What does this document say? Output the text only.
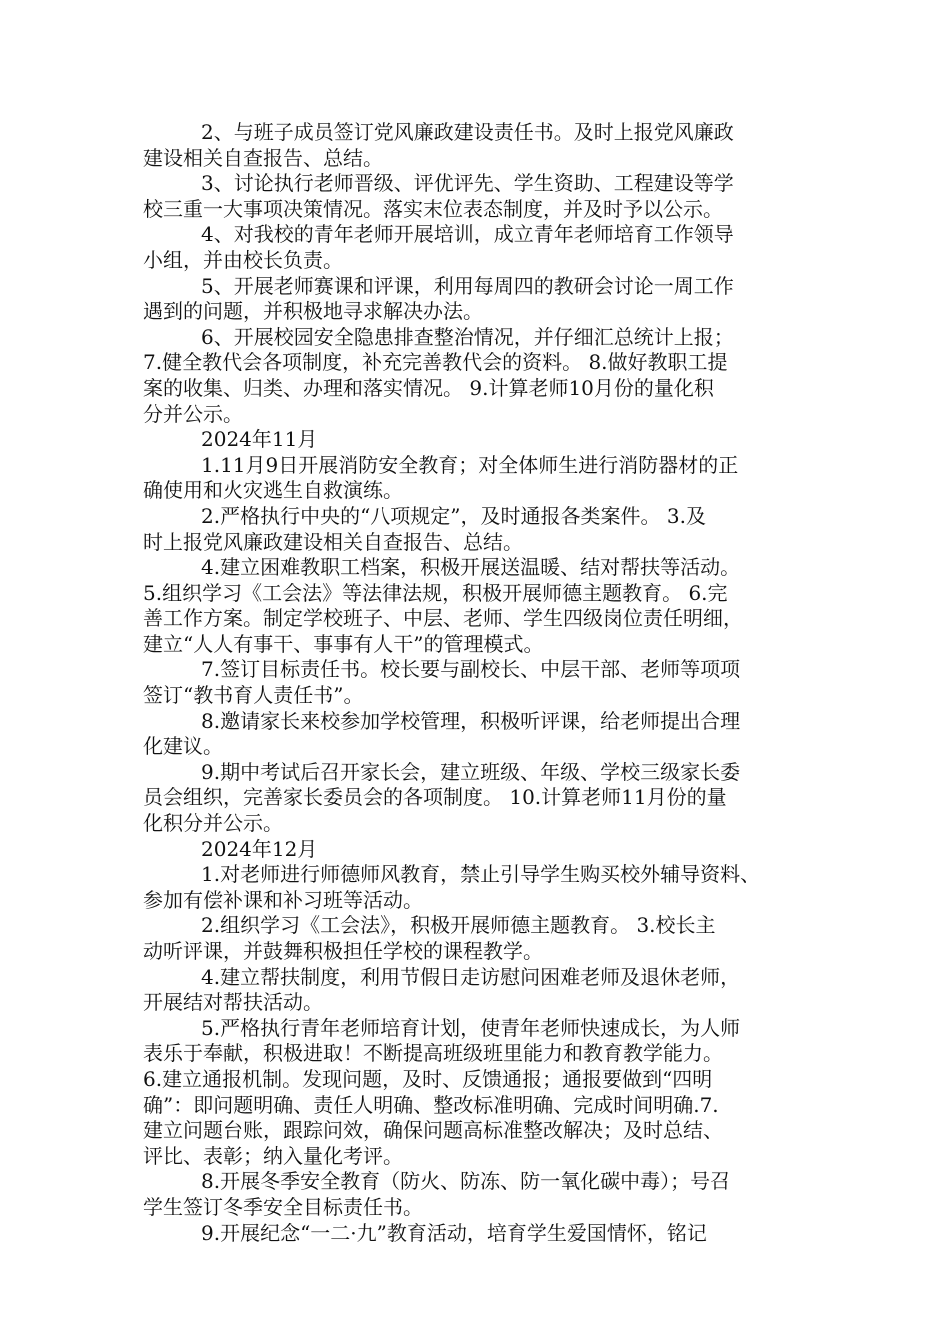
2、与班子成员签订党风廉政建设责任书。及时上报党风廉政
建设相关自查报告、总结。
3、讨论执行老师晋级、评优评先、学生资助、工程建设等学
校三重一大事项决策情况。落实末位表态制度，并及时予以公示。
4、对我校的青年老师开展培训，成立青年老师培育工作领导
小组，并由校长负责。
5、开展老师赛课和评课，利用每周四的教研会讨论一周工作
遇到的问题，并积极地寻求解决办法。
6、开展校园安全隐患排查整治情况，并仔细汇总统计上报；
7.健全教代会各项制度，补充完善教代会的资料。 8.做好教职工提
案的收集、归类、办理和落实情况。 9.计算老师10月份的量化积
分并公示。
2024年11月
1.11月9日开展消防安全教育；对全体师生进行消防器材的正
确使用和火灾逃生自救演练。
2.严格执行中央的“八项规定”，及时通报各类案件。 3.及
时上报党风廉政建设相关自查报告、总结。
4.建立困难教职工档案，积极开展送温暖、结对帮扶等活动。
5.组织学习《工会法》等法律法规，积极开展师德主题教育。 6.完
善工作方案。制定学校班子、中层、老师、学生四级岗位责任明细，
建立“人人有事干、事事有人干”的管理模式。
7.签订目标责任书。校长要与副校长、中层干部、老师等项项
签订“教书育人责任书”。
8.邀请家长来校参加学校管理，积极听评课，给老师提出合理
化建议。
9.期中考试后召开家长会，建立班级、年级、学校三级家长委
员会组织，完善家长委员会的各项制度。 10.计算老师11月份的量
化积分并公示。
2024年12月
1.对老师进行师德师风教育，禁止引导学生购买校外辅导资料、
参加有偿补课和补习班等活动。
2.组织学习《工会法》，积极开展师德主题教育。 3.校长主
动听评课，并鼓舞积极担任学校的课程教学。
4.建立帮扶制度，利用节假日走访慰问困难老师及退休老师，
开展结对帮扶活动。
5.严格执行青年老师培育计划，使青年老师快速成长，为人师
表乐于奉献，积极进取！不断提高班级班里能力和教育教学能力。
6.建立通报机制。发现问题，及时、反馈通报；通报要做到“四明
确”：即问题明确、责任人明确、整改标准明确、完成时间明确.7.
建立问题台账，跟踪问效，确保问题高标准整改解决；及时总结、
评比、表彰；纳入量化考评。
8.开展冬季安全教育（防火、防冻、防一氧化碳中毒）；号召
学生签订冬季安全目标责任书。
9.开展纪念“一二·九”教育活动，培育学生爱国情怀，铭记
